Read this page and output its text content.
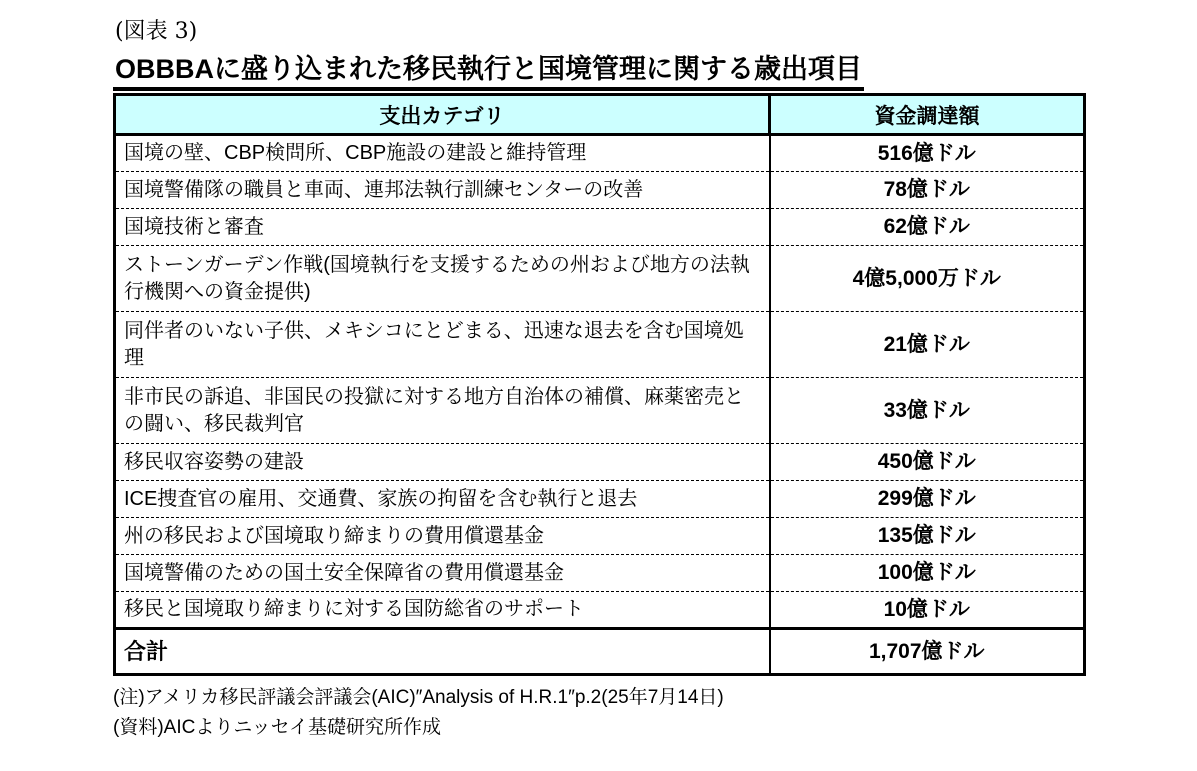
(図表 3)
OBBBAに盛り込まれた移民執行と国境管理に関する歳出項目
支出カテゴリ	資金調達額
国境の壁、CBP検問所、CBP施設の建設と維持管理	516億ドル
国境警備隊の職員と車両、連邦法執行訓練センターの改善	78億ドル
国境技術と審査	62億ドル
ストーンガーデン作戦(国境執行を支援するための州および地方の法執行機関への資金提供)	4億5,000万ドル
同伴者のいない子供、メキシコにとどまる、迅速な退去を含む国境処理	21億ドル
非市民の訴追、非国民の投獄に対する地方自治体の補償、麻薬密売との闘い、移民裁判官	33億ドル
移民収容姿勢の建設	450億ドル
ICE捜査官の雇用、交通費、家族の拘留を含む執行と退去	299億ドル
州の移民および国境取り締まりの費用償還基金	135億ドル
国境警備のための国土安全保障省の費用償還基金	100億ドル
移民と国境取り締まりに対する国防総省のサポート	10億ドル
合計	1,707億ドル
(注)アメリカ移民評議会評議会(AIC)″Analysis of H.R.1″p.2(25年7月14日)
(資料)AICよりニッセイ基礎研究所作成
